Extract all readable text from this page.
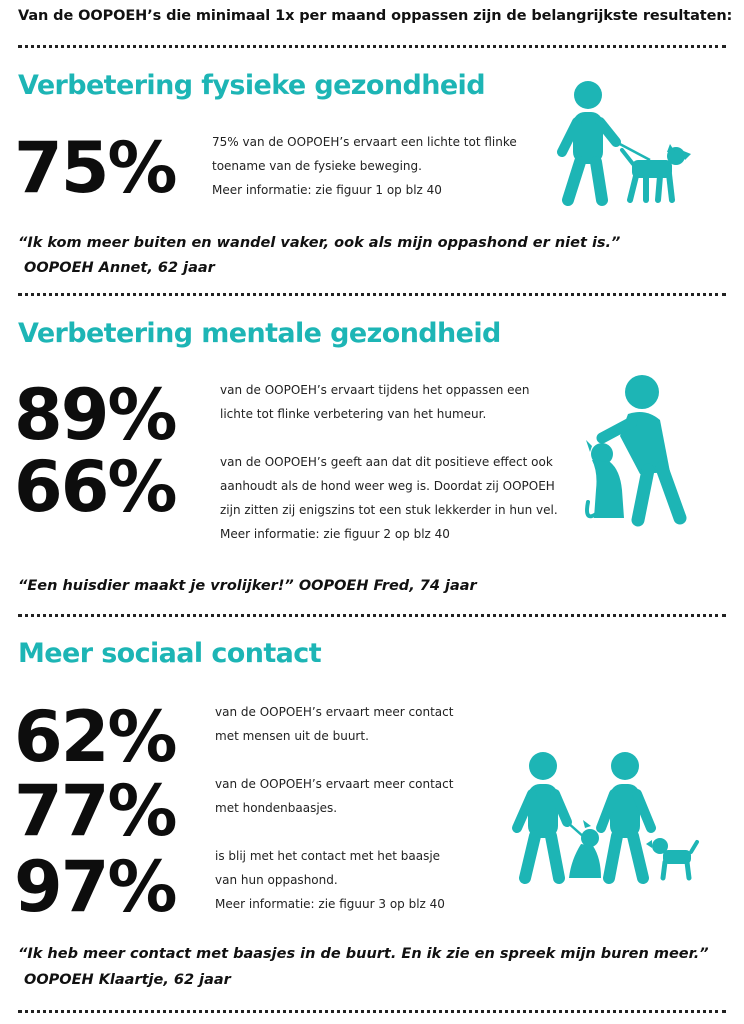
Van de OOPOEH’s die minimaal 1x per maand oppassen zijn de belangrijkste resultaten:
Verbetering fysieke gezondheid
75%	75% van de OOPOEH’s ervaart een lichte tot flinke
toename van de fysieke beweging.
Meer informatie: zie figuur 1 op blz 40
“Ik kom meer buiten en wandel vaker, ook als mijn oppashond er niet is.”
OOPOEH Annet, 62 jaar
Verbetering mentale gezondheid
89%
66%
van de OOPOEH’s ervaart tijdens het oppassen een
lichte tot flinke verbetering van het humeur.
van de OOPOEH’s geeft aan dat dit positieve effect ook
aanhoudt als de hond weer weg is. Doordat zij OOPOEH
zijn zitten zij enigszins tot een stuk lekkerder in hun vel.
Meer informatie: zie figuur 2 op blz 40
“Een huisdier maakt je vrolijker!” OOPOEH Fred, 74 jaar
Meer sociaal contact
62%
77%
97%
van de OOPOEH’s ervaart meer contact
met mensen uit de buurt.
van de OOPOEH’s ervaart meer contact
met hondenbaasjes.
is blij met het contact met het baasje
van hun oppashond.
Meer informatie: zie figuur 3 op blz 40
“Ik heb meer contact met baasjes in de buurt. En ik zie en spreek mijn buren meer.”
OOPOEH Klaartje, 62 jaar
